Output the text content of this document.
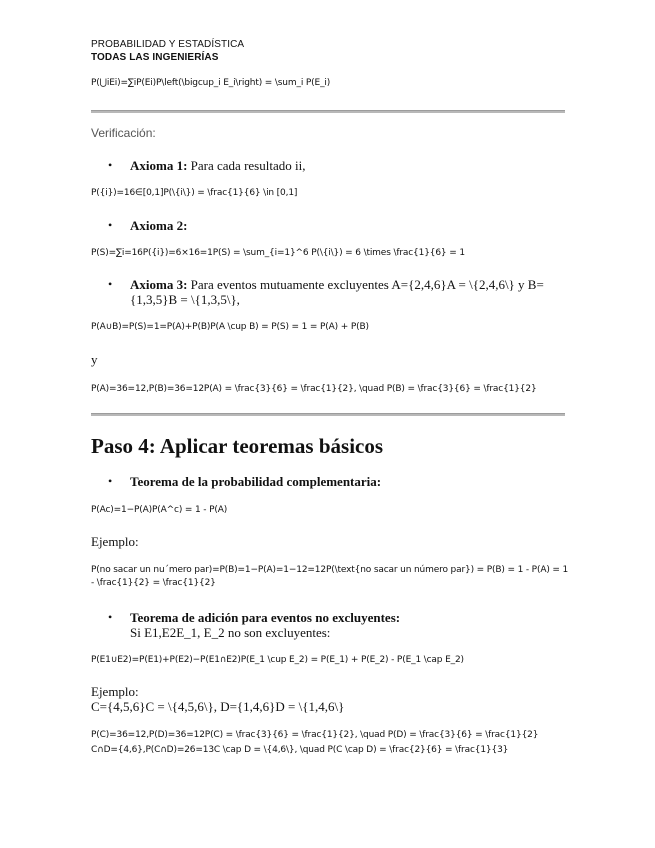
PROBABILIDAD Y ESTADÍSTICA
TODAS LAS INGENIERÍAS
P(⋃iEi)=∑iP(Ei)P\left(\bigcup_i E_i\right) = \sum_i P(E_i)
Verificación:
• Axioma 1: Para cada resultado ii,
P({i})=16∈[0,1]P(\{i\}) = \frac{1}{6} \in [0,1]
• Axioma 2:
P(S)=∑i=16P({i})=6×16=1P(S) = \sum_{i=1}^6 P(\{i\}) = 6 \times \frac{1}{6} = 1
• Axioma 3: Para eventos mutuamente excluyentes A={2,4,6}A = \{2,4,6\} y B={1,3,5}B = \{1,3,5\},
P(A∪B)=P(S)=1=P(A)+P(B)P(A \cup B) = P(S) = 1 = P(A) + P(B)
y
P(A)=36=12,P(B)=36=12P(A) = \frac{3}{6} = \frac{1}{2}, \quad P(B) = \frac{3}{6} = \frac{1}{2}
Paso 4: Aplicar teoremas básicos
• Teorema de la probabilidad complementaria:
P(Ac)=1−P(A)P(A^c) = 1 - P(A)
Ejemplo:
P(no sacar un nu´mero par)=P(B)=1−P(A)=1−12=12P(\text{no sacar un número par}) = P(B) = 1 - P(A) = 1 - \frac{1}{2} = \frac{1}{2}
• Teorema de adición para eventos no excluyentes:
Si E1,E2E_1, E_2 no son excluyentes:
P(E1∪E2)=P(E1)+P(E2)−P(E1∩E2)P(E_1 \cup E_2) = P(E_1) + P(E_2) - P(E_1 \cap E_2)
Ejemplo:
C={4,5,6}C = \{4,5,6\}, D={1,4,6}D = \{1,4,6\}
P(C)=36=12,P(D)=36=12P(C) = \frac{3}{6} = \frac{1}{2}, \quad P(D) = \frac{3}{6} = \frac{1}{2}
C∩D={4,6},P(C∩D)=26=13C \cap D = \{4,6\}, \quad P(C \cap D) = \frac{2}{6} = \frac{1}{3}
